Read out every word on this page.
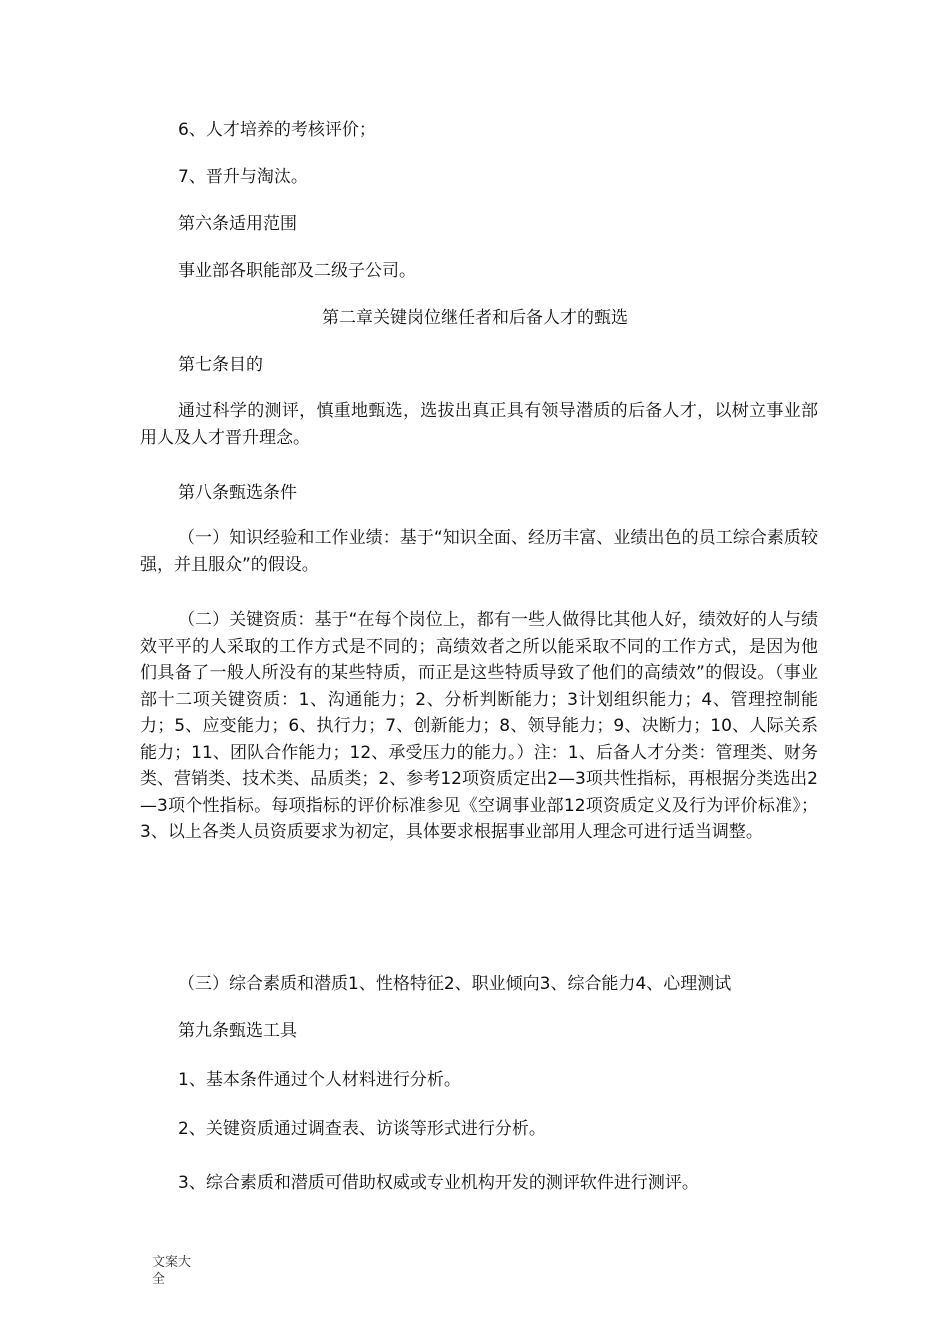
6、人才培养的考核评价；

7、晋升与淘汰。

第六条适用范围

事业部各职能部及二级子公司。

第二章关键岗位继任者和后备人才的甄选

第七条目的

通过科学的测评，慎重地甄选，选拔出真正具有领导潜质的后备人才，以树立事业部用人及人才晋升理念。

第八条甄选条件

（一）知识经验和工作业绩：基于“知识全面、经历丰富、业绩出色的员工综合素质较强，并且服众”的假设。

（二）关键资质：基于“在每个岗位上，都有一些人做得比其他人好，绩效好的人与绩效平平的人采取的工作方式是不同的；高绩效者之所以能采取不同的工作方式，是因为他们具备了一般人所没有的某些特质，而正是这些特质导致了他们的高绩效”的假设。（事业部十二项关键资质：1、沟通能力；2、分析判断能力；3计划组织能力；4、管理控制能力；5、应变能力；6、执行力；7、创新能力；8、领导能力；9、决断力；10、人际关系能力；11、团队合作能力；12、承受压力的能力。）注：1、后备人才分类：管理类、财务类、营销类、技术类、品质类；2、参考12项资质定出2—3项共性指标，再根据分类选出2—3项个性指标。每项指标的评价标准参见《空调事业部12项资质定义及行为评价标准》；3、以上各类人员资质要求为初定，具体要求根据事业部用人理念可进行适当调整。

（三）综合素质和潜质1、性格特征2、职业倾向3、综合能力4、心理测试

第九条甄选工具

1、基本条件通过个人材料进行分析。

2、关键资质通过调查表、访谈等形式进行分析。

3、综合素质和潜质可借助权威或专业机构开发的测评软件进行测评。

文案大全
